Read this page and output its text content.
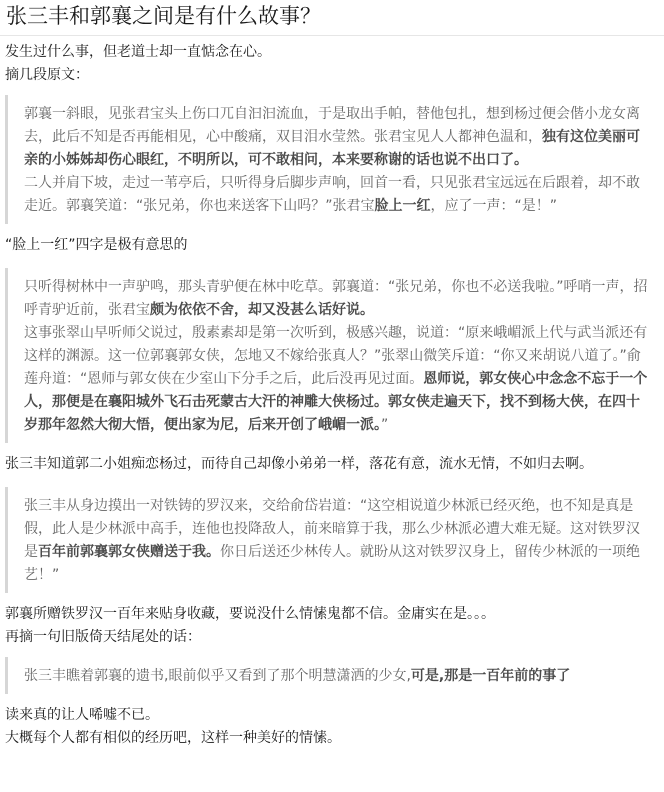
张三丰和郭襄之间是有什么故事？

发生过什么事，但老道士却一直惦念在心。

摘几段原文：

郭襄一斜眼，见张君宝头上伤口兀自汩汩流血，于是取出手帕，替他包扎，想到杨过便会偕小龙女离去，此后不知是否再能相见，心中酸痛，双目泪水莹然。张君宝见人人都神色温和，独有这位美丽可亲的小姊姊却伤心眼红，不明所以，可不敢相问，本来要称谢的话也说不出口了。

二人并肩下坡，走过一苇亭后，只听得身后脚步声响，回首一看，只见张君宝远远在后跟着，却不敢走近。郭襄笑道：“张兄弟，你也来送客下山吗？”张君宝脸上一红，应了一声：“是！”

“脸上一红”四字是极有意思的

只听得树林中一声驴鸣，那头青驴便在林中吃草。郭襄道：“张兄弟，你也不必送我啦。”呼哨一声，招呼青驴近前，张君宝颇为依依不舍，却又没甚么话好说。

这事张翠山早听师父说过，殷素素却是第一次听到，极感兴趣，说道：“原来峨嵋派上代与武当派还有这样的渊源。这一位郭襄郭女侠，怎地又不嫁给张真人？”张翠山微笑斥道：“你又来胡说八道了。”俞莲舟道：“恩师与郭女侠在少室山下分手之后，此后没再见过面。恩师说，郭女侠心中念念不忘于一个人，那便是在襄阳城外飞石击死蒙古大汗的神雕大侠杨过。郭女侠走遍天下，找不到杨大侠，在四十岁那年忽然大彻大悟，便出家为尼，后来开创了峨嵋一派。”

张三丰知道郭二小姐痴恋杨过，而待自己却像小弟弟一样，落花有意，流水无情，不如归去啊。

张三丰从身边摸出一对铁铸的罗汉来，交给俞岱岩道：“这空相说道少林派已经灭绝，也不知是真是假，此人是少林派中高手，连他也投降敌人，前来暗算于我，那么少林派必遭大难无疑。这对铁罗汉是百年前郭襄郭女侠赠送于我。你日后送还少林传人。就盼从这对铁罗汉身上，留传少林派的一项绝艺！”

郭襄所赠铁罗汉一百年来贴身收藏，要说没什么情愫鬼都不信。金庸实在是。。。

再摘一句旧版倚天结尾处的话：

张三丰瞧着郭襄的遗书,眼前似乎又看到了那个明慧潇洒的少女,可是,那是一百年前的事了

读来真的让人唏嘘不已。

大概每个人都有相似的经历吧，这样一种美好的情愫。
